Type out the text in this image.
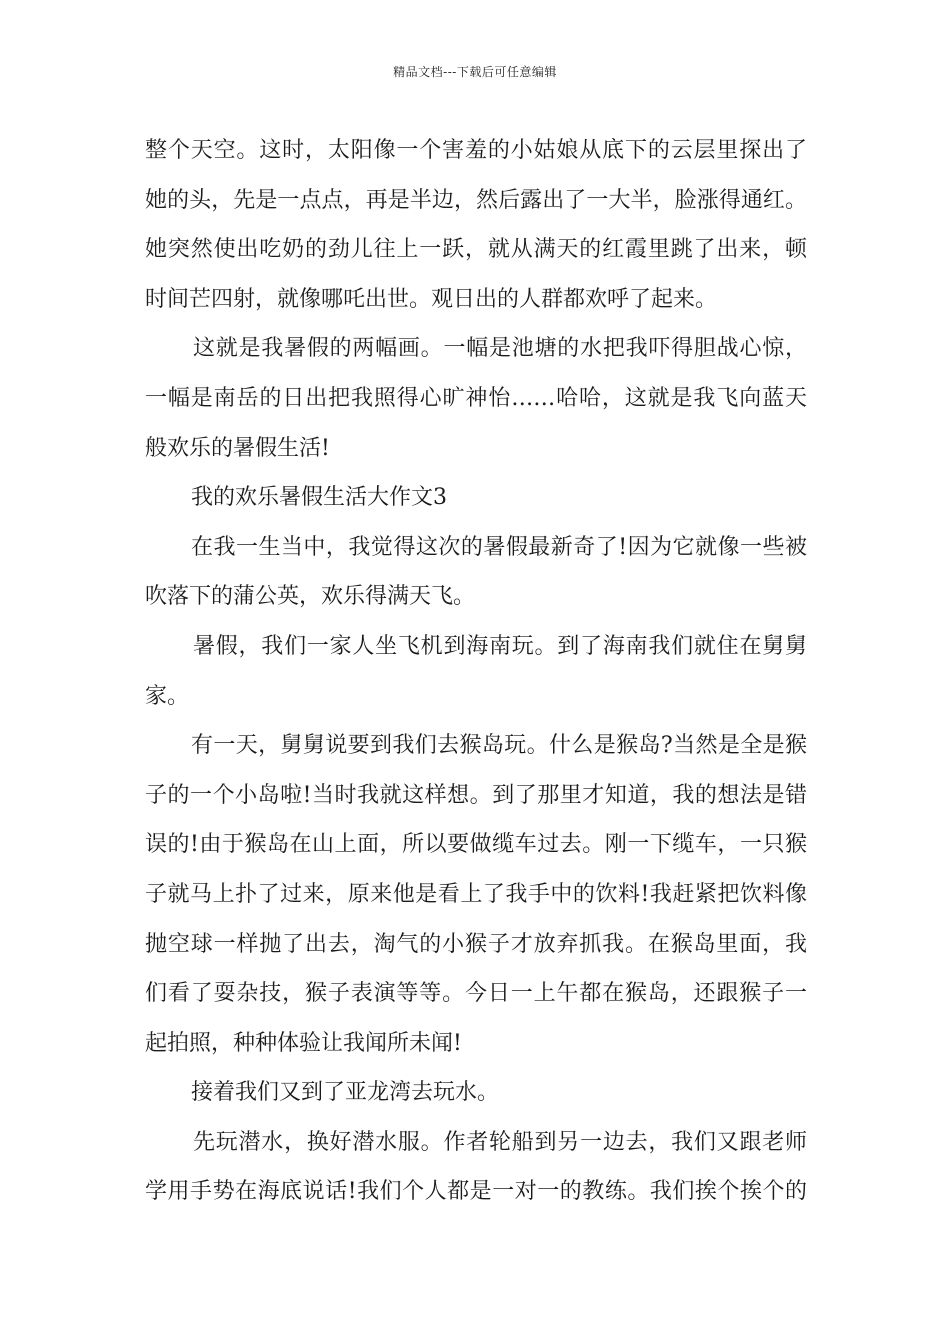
精品文档---下载后可任意编辑
整个天空。这时，太阳像一个害羞的小姑娘从底下的云层里探出了
她的头，先是一点点，再是半边，然后露出了一大半，脸涨得通红。
她突然使出吃奶的劲儿往上一跃，就从满天的红霞里跳了出来，顿
时间芒四射，就像哪吒出世。观日出的人群都欢呼了起来。
这就是我暑假的两幅画。一幅是池塘的水把我吓得胆战心惊，
一幅是南岳的日出把我照得心旷神怡……哈哈，这就是我飞向蓝天
般欢乐的暑假生活!
我的欢乐暑假生活大作文3
在我一生当中，我觉得这次的暑假最新奇了!因为它就像一些被
吹落下的蒲公英，欢乐得满天飞。
暑假，我们一家人坐飞机到海南玩。到了海南我们就住在舅舅
家。
有一天，舅舅说要到我们去猴岛玩。什么是猴岛?当然是全是猴
子的一个小岛啦!当时我就这样想。到了那里才知道，我的想法是错
误的!由于猴岛在山上面，所以要做缆车过去。刚一下缆车，一只猴
子就马上扑了过来，原来他是看上了我手中的饮料!我赶紧把饮料像
抛空球一样抛了出去，淘气的小猴子才放弃抓我。在猴岛里面，我
们看了耍杂技，猴子表演等等。今日一上午都在猴岛，还跟猴子一
起拍照，种种体验让我闻所未闻!
接着我们又到了亚龙湾去玩水。
先玩潜水，换好潜水服。作者轮船到另一边去，我们又跟老师
学用手势在海底说话!我们个人都是一对一的教练。我们挨个挨个的
